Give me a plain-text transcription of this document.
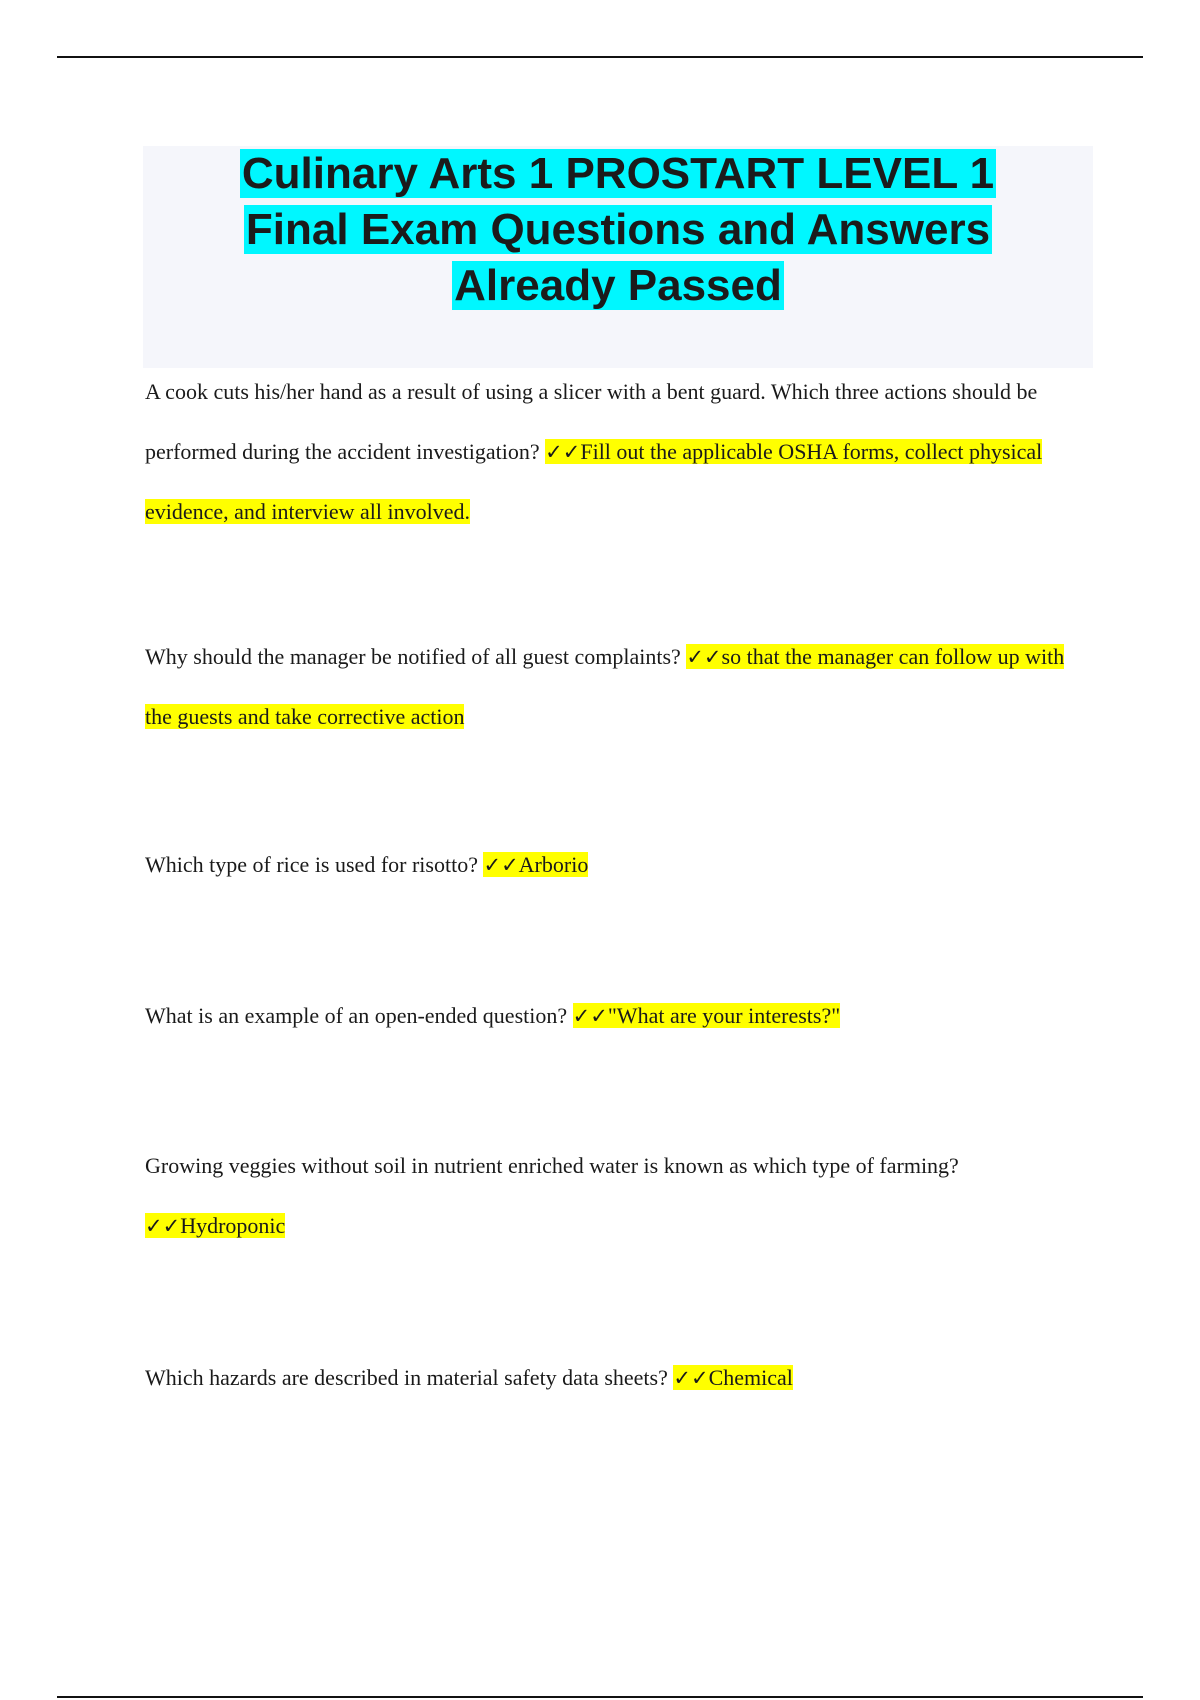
Culinary Arts 1 PROSTART LEVEL 1
Final Exam Questions and Answers
Already Passed

A cook cuts his/her hand as a result of using a slicer with a bent guard. Which three actions should be performed during the accident investigation? ✓✓Fill out the applicable OSHA forms, collect physical evidence, and interview all involved.

Why should the manager be notified of all guest complaints? ✓✓so that the manager can follow up with the guests and take corrective action

Which type of rice is used for risotto? ✓✓Arborio

What is an example of an open-ended question? ✓✓"What are your interests?"

Growing veggies without soil in nutrient enriched water is known as which type of farming? ✓✓Hydroponic

Which hazards are described in material safety data sheets? ✓✓Chemical
